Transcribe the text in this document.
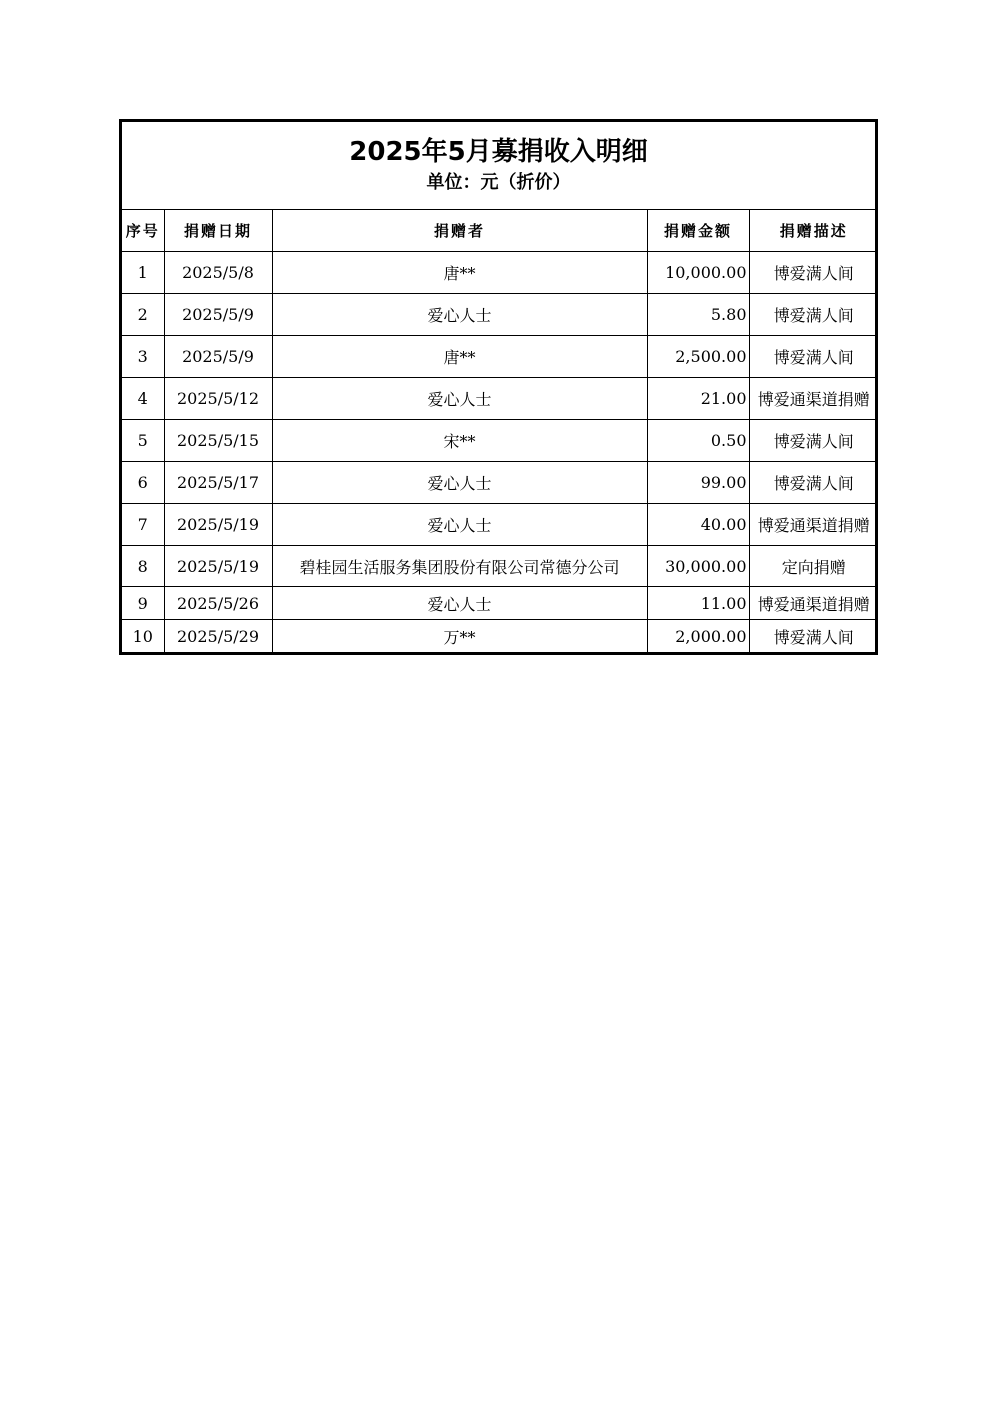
2025年5月募捐收入明细
单位：元（折价）
序号	捐赠日期	捐赠者	捐赠金额	捐赠描述
1	2025/5/8	唐**	10,000.00	博爱满人间
2	2025/5/9	爱心人士	5.80	博爱满人间
3	2025/5/9	唐**	2,500.00	博爱满人间
4	2025/5/12	爱心人士	21.00	博爱通渠道捐赠
5	2025/5/15	宋**	0.50	博爱满人间
6	2025/5/17	爱心人士	99.00	博爱满人间
7	2025/5/19	爱心人士	40.00	博爱通渠道捐赠
8	2025/5/19	碧桂园生活服务集团股份有限公司常德分公司	30,000.00	定向捐赠
9	2025/5/26	爱心人士	11.00	博爱通渠道捐赠
10	2025/5/29	万**	2,000.00	博爱满人间
